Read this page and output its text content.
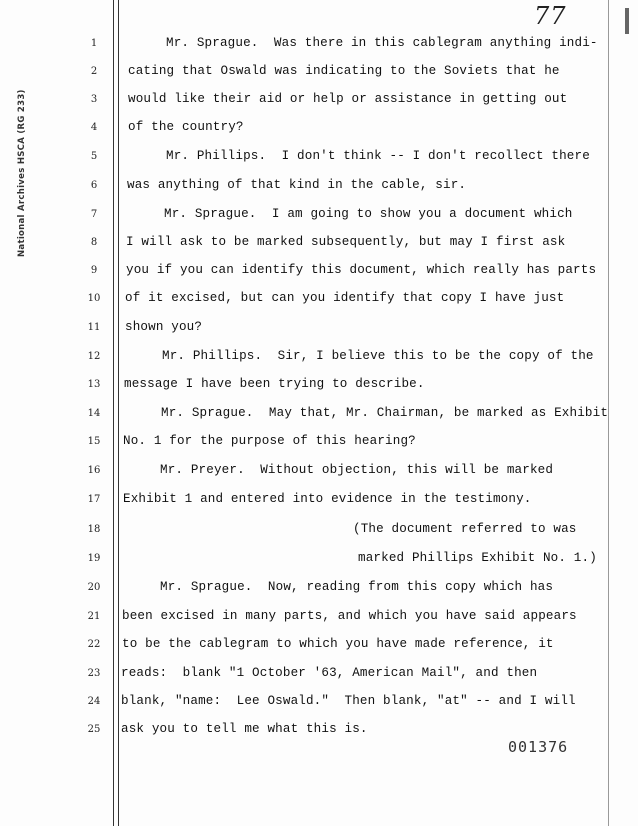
National Archives HSCA (RG 233)
77
1	Mr. Sprague.  Was there in this cablegram anything indi-
2	cating that Oswald was indicating to the Soviets that he
3	would like their aid or help or assistance in getting out
4	of the country?
5	Mr. Phillips.  I don't think -- I don't recollect there
6	was anything of that kind in the cable, sir.
7	Mr. Sprague.  I am going to show you a document which
8	I will ask to be marked subsequently, but may I first ask
9	you if you can identify this document, which really has parts
10	of it excised, but can you identify that copy I have just
11	shown you?
12	Mr. Phillips.  Sir, I believe this to be the copy of the
13	message I have been trying to describe.
14	Mr. Sprague.  May that, Mr. Chairman, be marked as Exhibit
15	No. 1 for the purpose of this hearing?
16	Mr. Preyer.  Without objection, this will be marked
17	Exhibit 1 and entered into evidence in the testimony.
18	(The document referred to was
19	marked Phillips Exhibit No. 1.)
20	Mr. Sprague.  Now, reading from this copy which has
21	been excised in many parts, and which you have said appears
22	to be the cablegram to which you have made reference, it
23	reads:  blank "1 October '63, American Mail", and then
24	blank, "name:  Lee Oswald."  Then blank, "at" -- and I will
25	ask you to tell me what this is.
001376
